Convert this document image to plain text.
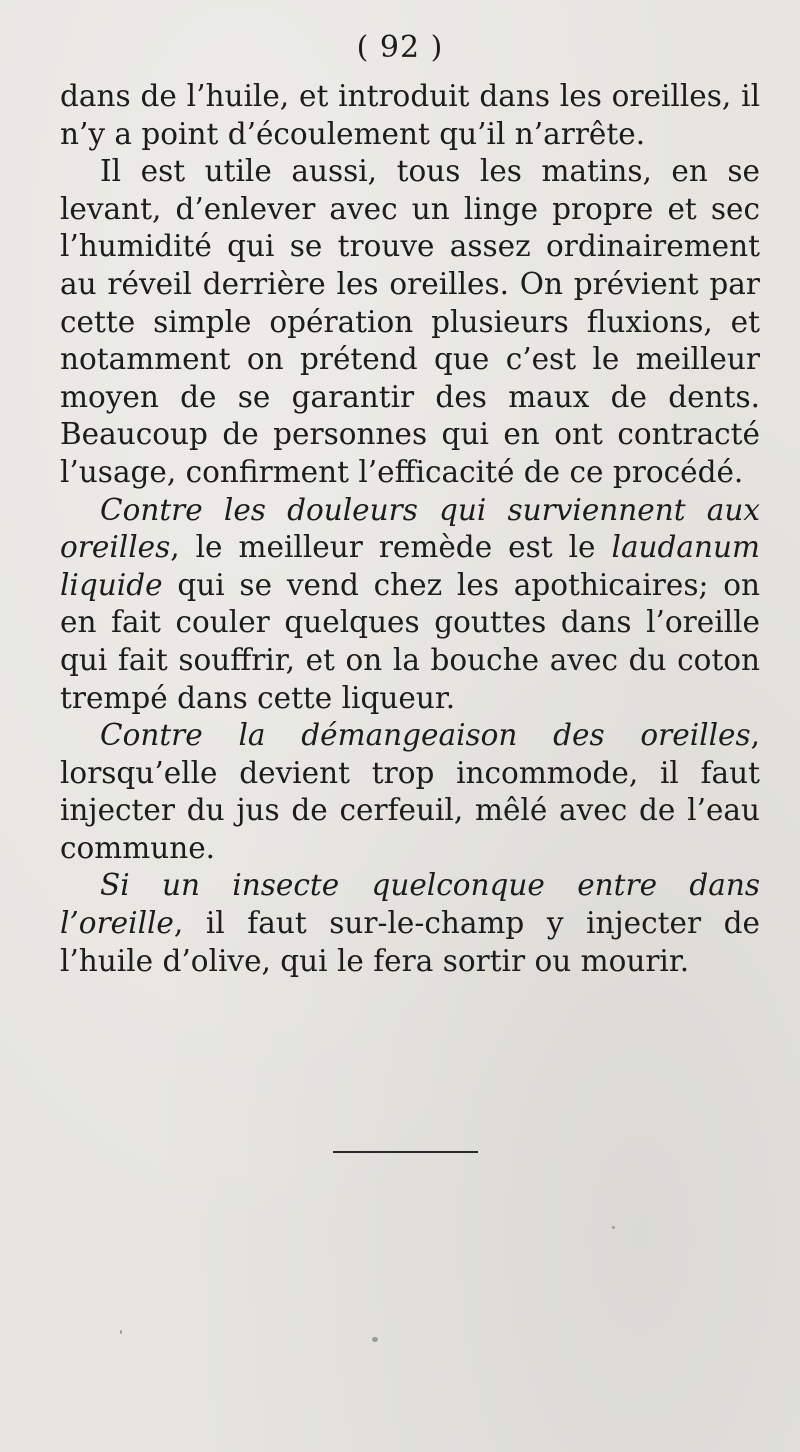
( 92 )

dans de l’huile, et introduit dans les oreilles, il n’y a point d’écoulement qu’il n’arrête.

Il est utile aussi, tous les matins, en se levant, d’enlever avec un linge propre et sec l’humidité qui se trouve assez ordinairement au réveil derrière les oreilles. On prévient par cette simple opération plusieurs fluxions, et notamment on prétend que c’est le meilleur moyen de se garantir des maux de dents. Beaucoup de personnes qui en ont contracté l’usage, confirment l’efficacité de ce procédé.

Contre les douleurs qui surviennent aux oreilles, le meilleur remède est le laudanum liquide qui se vend chez les apothicaires; on en fait couler quelques gouttes dans l’oreille qui fait souffrir, et on la bouche avec du coton trempé dans cette liqueur.

Contre la démangeaison des oreilles, lorsqu’elle devient trop incommode, il faut injecter du jus de cerfeuil, mêlé avec de l’eau commune.

Si un insecte quelconque entre dans l’oreille, il faut sur-le-champ y injecter de l’huile d’olive, qui le fera sortir ou mourir.
